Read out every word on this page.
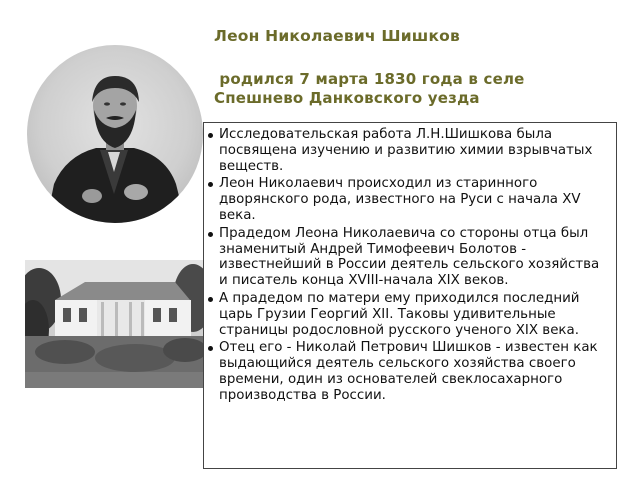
Леон Николаевич Шишков

родился 7 марта 1830 года в селе

Спешнево Данковского уезда

Исследовательская работа Л.Н.Шишкова была посвящена изучению и развитию химии взрывчатых веществ.
Леон Николаевич происходил из старинного дворянского рода, известного на Руси с начала XV века.
Прадедом Леона Николаевича со стороны отца был знаменитый Андрей Тимофеевич Болотов - известнейший в России деятель сельского хозяйства и писатель конца XVIII-начала XIX веков.
А прадедом по матери ему приходился последний царь Грузии Георгий XII. Таковы удивительные страницы родословной русского ученого XIX века.
Отец его - Николай Петрович Шишков - известен как выдающийся деятель сельского хозяйства своего времени, один из основателей свеклосахарного производства в России.
